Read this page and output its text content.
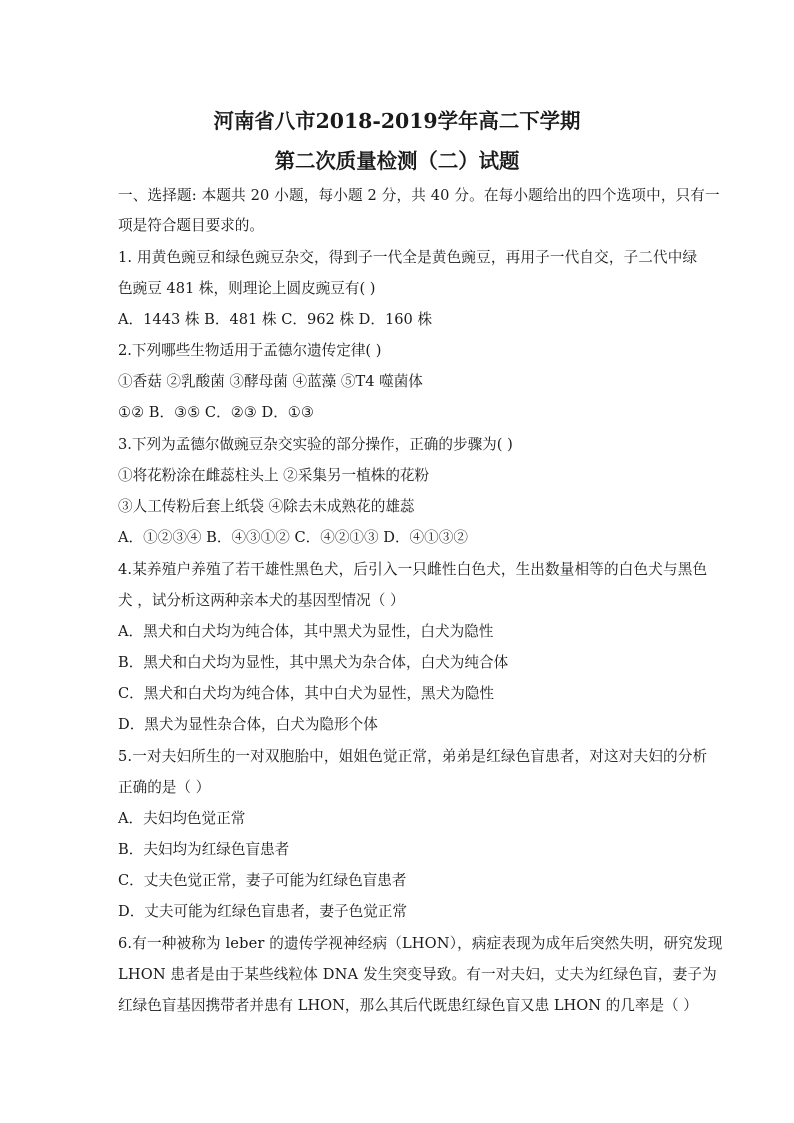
河南省八市2018-2019学年高二下学期
第二次质量检测（二）试题
一、选择题: 本题共 20 小题，每小题 2 分，共 40 分。在每小题给出的四个选项中，只有一
项是符合题目要求的。
1. 用黄色豌豆和绿色豌豆杂交，得到子一代全是黄色豌豆，再用子一代自交，子二代中绿
色豌豆 481 株，则理论上圆皮豌豆有( )
A．1443 株 B．481 株 C．962 株 D．160 株
2.下列哪些生物适用于孟德尔遗传定律( )
①香菇 ②乳酸菌 ③酵母菌 ④蓝藻 ⑤T4 噬菌体
①② B．③⑤ C．②③ D．①③
3.下列为孟德尔做豌豆杂交实验的部分操作，正确的步骤为( )
①将花粉涂在雌蕊柱头上 ②采集另一植株的花粉
③人工传粉后套上纸袋 ④除去未成熟花的雄蕊
A．①②③④ B．④③①② C．④②①③ D．④①③②
4.某养殖户养殖了若干雄性黑色犬，后引入一只雌性白色犬，生出数量相等的白色犬与黑色
犬 ，试分析这两种亲本犬的基因型情况（ ）
A．黑犬和白犬均为纯合体，其中黑犬为显性，白犬为隐性
B．黑犬和白犬均为显性，其中黑犬为杂合体，白犬为纯合体
C．黑犬和白犬均为纯合体，其中白犬为显性，黑犬为隐性
D．黑犬为显性杂合体，白犬为隐形个体
5.一对夫妇所生的一对双胞胎中，姐姐色觉正常，弟弟是红绿色盲患者，对这对夫妇的分析
正确的是（ ）
A．夫妇均色觉正常
B．夫妇均为红绿色盲患者
C．丈夫色觉正常，妻子可能为红绿色盲患者
D．丈夫可能为红绿色盲患者，妻子色觉正常
6.有一种被称为 leber 的遗传学视神经病（LHON），病症表现为成年后突然失明，研究发现
LHON 患者是由于某些线粒体 DNA 发生突变导致。有一对夫妇，丈夫为红绿色盲，妻子为
红绿色盲基因携带者并患有 LHON，那么其后代既患红绿色盲又患 LHON 的几率是（ ）
